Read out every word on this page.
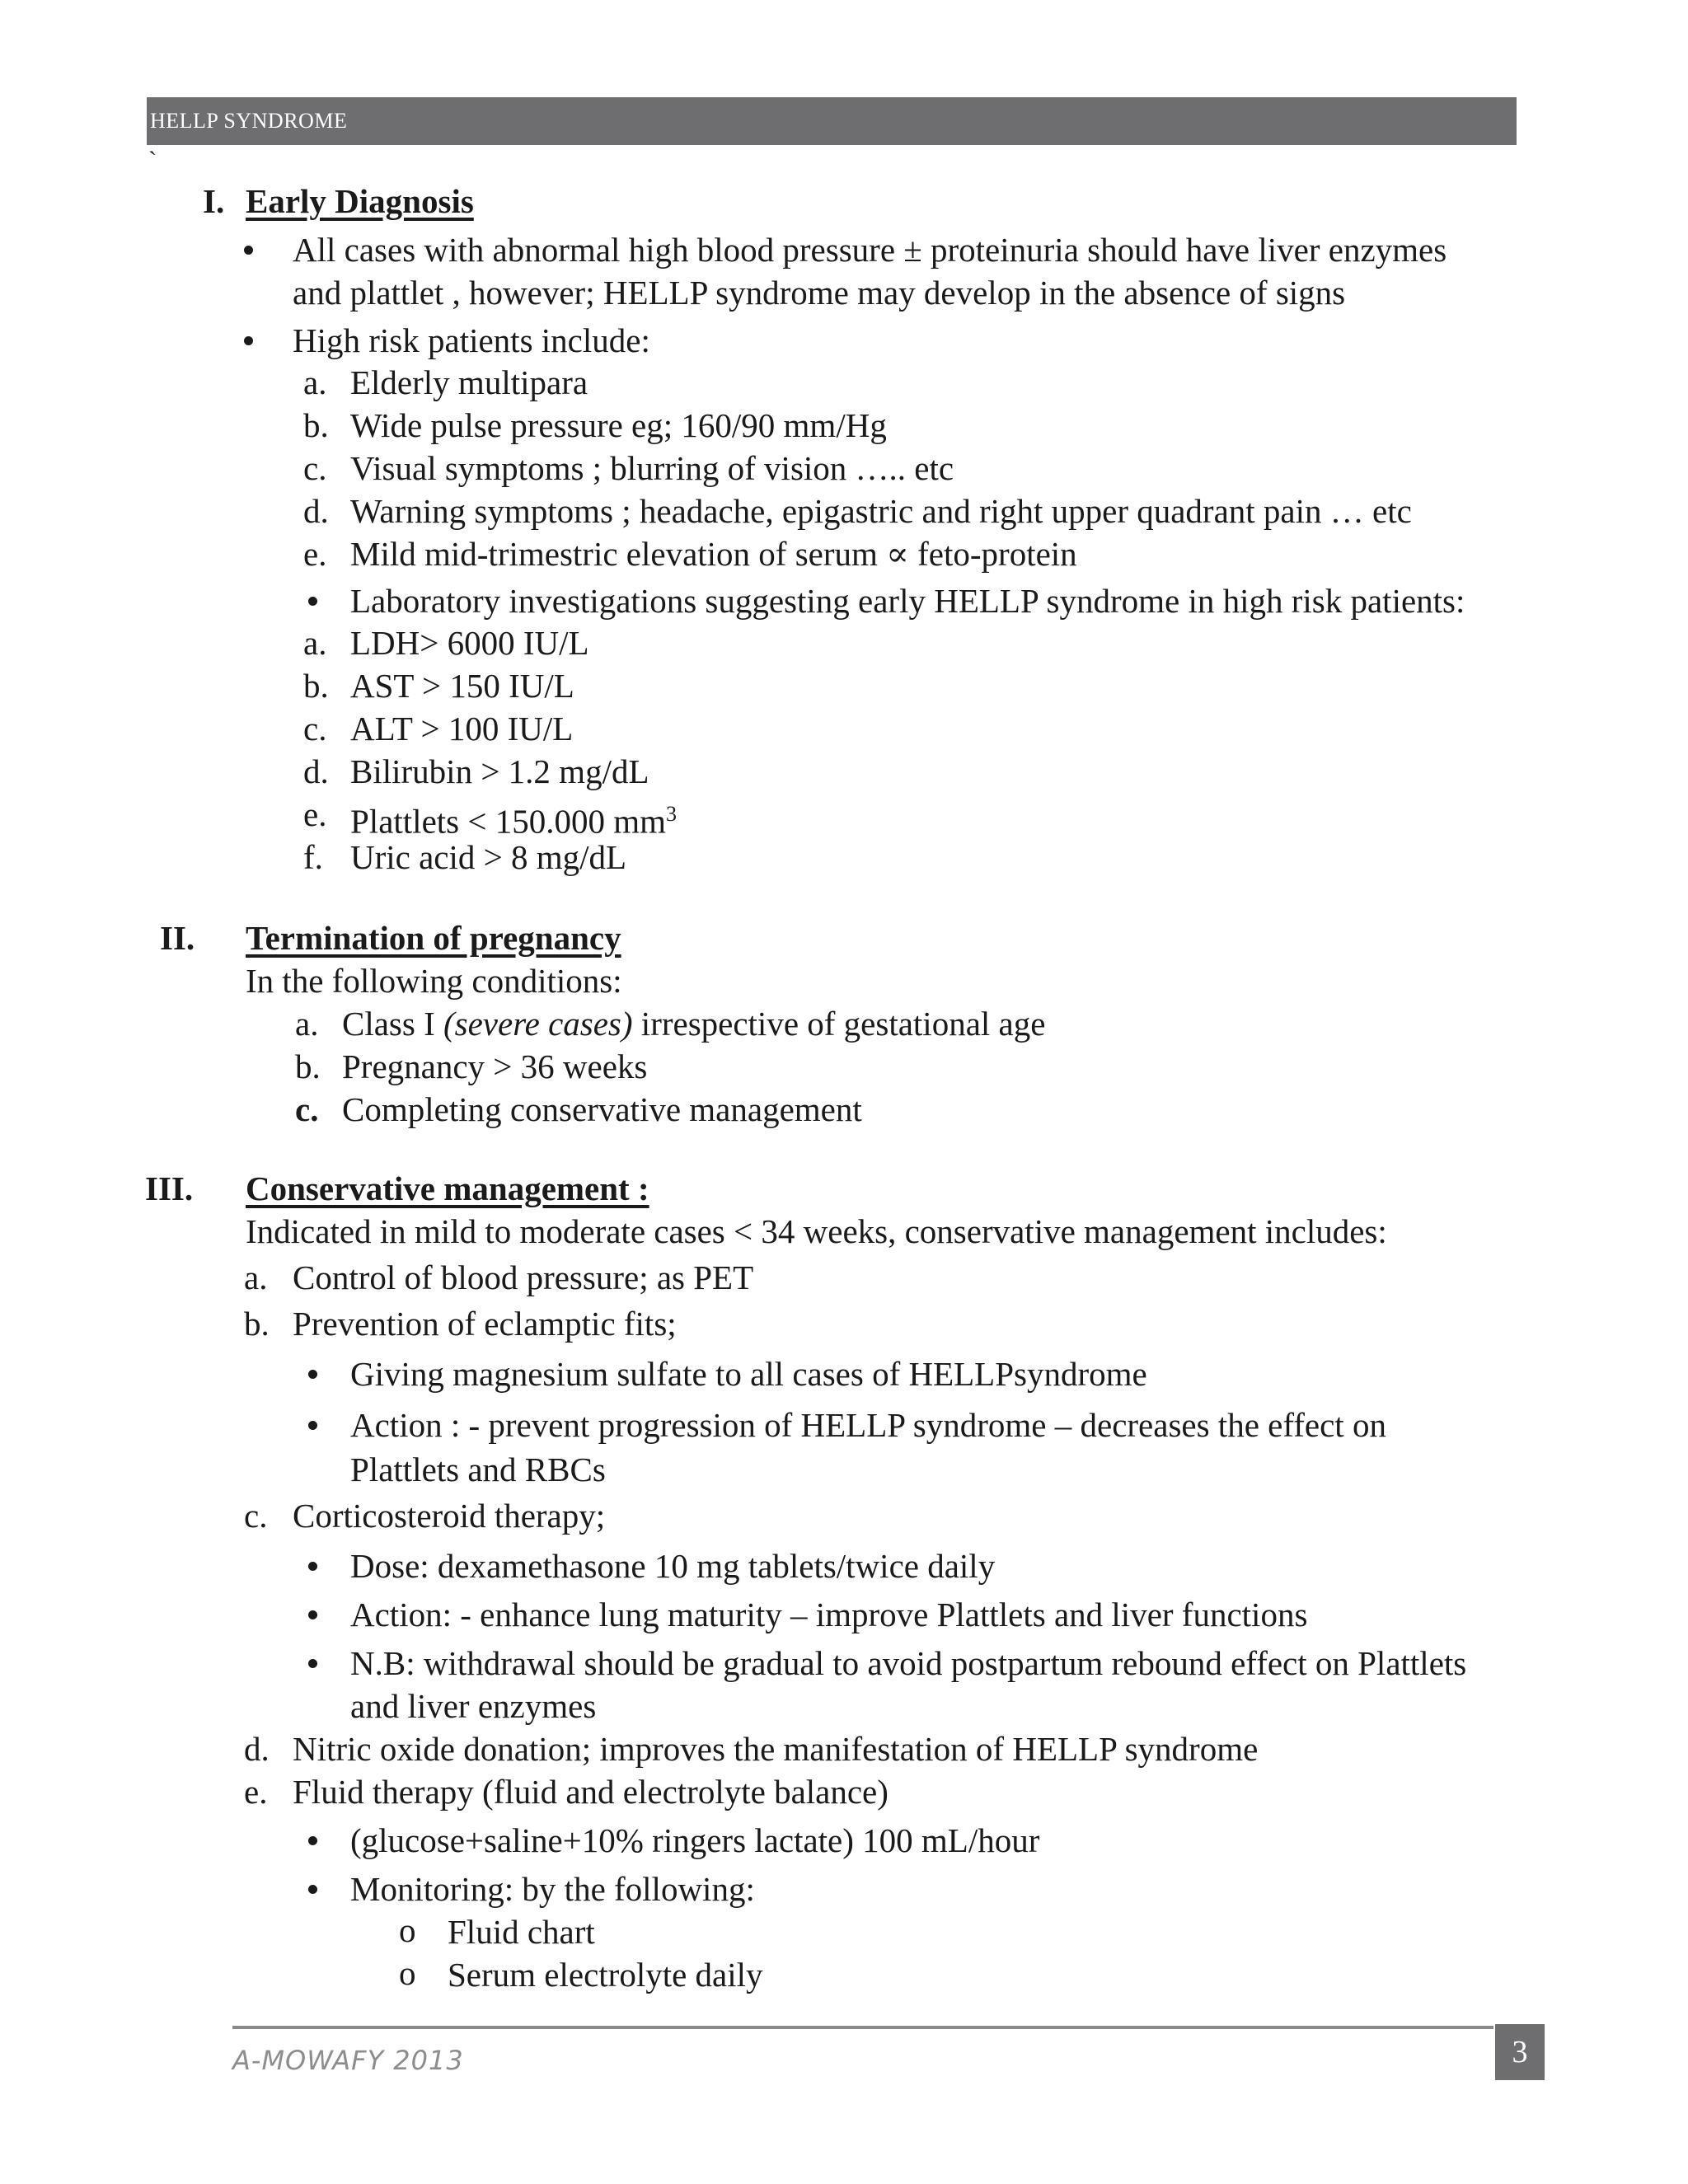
HELLP SYNDROME
`
I. Early Diagnosis
All cases with abnormal high blood pressure ± proteinuria should have liver enzymes
and plattlet , however; HELLP syndrome may develop in the absence of signs
High risk patients include:
a. Elderly multipara
b. Wide pulse pressure eg; 160/90 mm/Hg
c. Visual symptoms ; blurring of vision ….. etc
d. Warning symptoms ; headache, epigastric and right upper quadrant pain … etc
e. Mild mid-trimestric elevation of serum ∝ feto-protein
Laboratory investigations suggesting early HELLP syndrome in high risk patients:
a. LDH> 6000 IU/L
b. AST > 150 IU/L
c. ALT > 100 IU/L
d. Bilirubin > 1.2 mg/dL
e. Plattlets < 150.000 $mm^3$
f. Uric acid > 8 mg/dL
II. Termination of pregnancy
In the following conditions:
a. Class I (severe cases) irrespective of gestational age
b. Pregnancy > 36 weeks
c. Completing conservative management
III. Conservative management :
Indicated in mild to moderate cases < 34 weeks, conservative management includes:
a. Control of blood pressure; as PET
b. Prevention of eclamptic fits;
Giving magnesium sulfate to all cases of HELLPsyndrome
Action : - prevent progression of HELLP syndrome – decreases the effect on
Plattlets and RBCs
c. Corticosteroid therapy;
Dose: dexamethasone 10 mg tablets/twice daily
Action: - enhance lung maturity – improve Plattlets and liver functions
N.B: withdrawal should be gradual to avoid postpartum rebound effect on Plattlets
and liver enzymes
d. Nitric oxide donation; improves the manifestation of HELLP syndrome
e. Fluid therapy (fluid and electrolyte balance)
(glucose+saline+10% ringers lactate) 100 mL/hour
Monitoring: by the following:
o Fluid chart
o Serum electrolyte daily
A-MOWAFY 2013	3
